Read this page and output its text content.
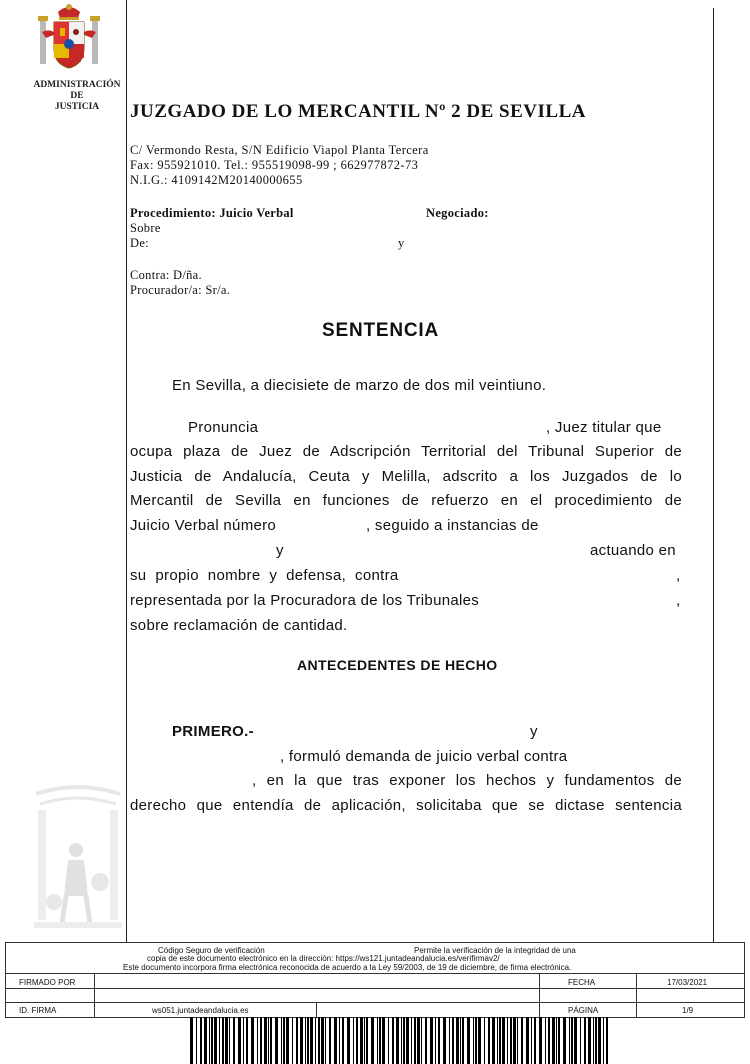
ADMINISTRACIÓN
DE
JUSTICIA	JUZGADO DE LO MERCANTIL Nº 2 DE SEVILLA
C/ Vermondo Resta, S/N Edificio Viapol Planta Tercera
Fax: 955921010. Tel.: 955519098-99 ; 662977872-73
N.I.G.: 4109142M20140000655
Procedimiento: Juicio Verbal	Negociado:
Sobre
De:	y
Contra: D/ña.
Procurador/a: Sr/a.
SENTENCIA
En Sevilla, a diecisiete de marzo de dos mil veintiuno.
Pronuncia	, Juez titular que
ocupa plaza de Juez de Adscripción Territorial del Tribunal Superior de
Justicia de Andalucía, Ceuta y Melilla, adscrito a los Juzgados de lo
Mercantil de Sevilla en funciones de refuerzo en el procedimiento de
Juicio Verbal número	, seguido a instancias de
y	actuando en
su  propio  nombre  y  defensa,  contra	,
representada por la Procuradora de los Tribunales	,
sobre reclamación de cantidad.
ANTECEDENTES DE HECHO
PRIMERO.-	y
, formuló demanda de juicio verbal contra
, en la que tras exponer los hechos y fundamentos de
derecho que entendía de aplicación, solicitaba que se dictase sentencia
Código Seguro de verificación	Permite la verificación de la integridad de una
copia de este documento electrónico en la dirección: https://ws121.juntadeandalucia.es/verifirmav2/
Este documento incorpora firma electrónica reconocida de acuerdo a la Ley 59/2003, de 19 de diciembre, de firma electrónica.
FIRMADO POR	FECHA	17/03/2021
ID. FIRMA	ws051.juntadeandalucia.es	PÁGINA	1/9
